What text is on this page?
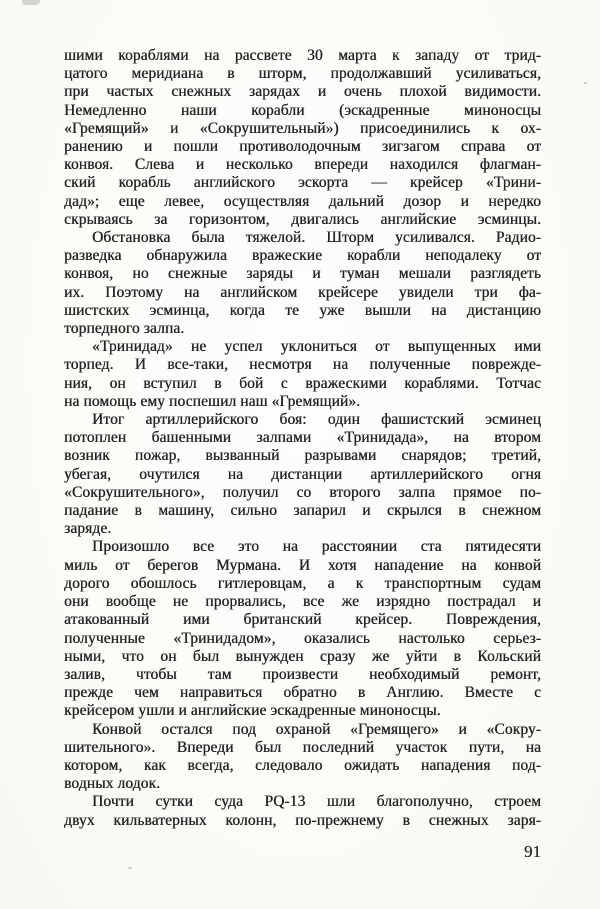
шими кораблями на рассвете 30 марта к западу от трид-
цатого меридиана в шторм, продолжавший усиливаться,
при частых снежных зарядах и очень плохой видимости.
Немедленно наши корабли (эскадренные миноносцы
«Гремящий» и «Сокрушительный») присоединились к ох-
ранению и пошли противолодочным зигзагом справа от
конвоя. Слева и несколько впереди находился флагман-
ский корабль английского эскорта — крейсер «Трини-
дад»; еще левее, осуществляя дальний дозор и нередко
скрываясь за горизонтом, двигались английские эсминцы.
Обстановка была тяжелой. Шторм усиливался. Радио-
разведка обнаружила вражеские корабли неподалеку от
конвоя, но снежные заряды и туман мешали разглядеть
их. Поэтому на английском крейсере увидели три фа-
шистских эсминца, когда те уже вышли на дистанцию
торпедного залпа.
«Тринидад» не успел уклониться от выпущенных ими
торпед. И все-таки, несмотря на полученные поврежде-
ния, он вступил в бой с вражескими кораблями. Тотчас
на помощь ему поспешил наш «Гремящий».
Итог артиллерийского боя: один фашистский эсминец
потоплен башенными залпами «Тринидада», на втором
возник пожар, вызванный разрывами снарядов; третий,
убегая, очутился на дистанции артиллерийского огня
«Сокрушительного», получил со второго залпа прямое по-
падание в машину, сильно запарил и скрылся в снежном
заряде.
Произошло все это на расстоянии ста пятидесяти
миль от берегов Мурмана. И хотя нападение на конвой
дорого обошлось гитлеровцам, а к транспортным судам
они вообще не прорвались, все же изрядно пострадал и
атакованный ими британский крейсер. Повреждения,
полученные «Тринидадом», оказались настолько серьез-
ными, что он был вынужден сразу же уйти в Кольский
залив, чтобы там произвести необходимый ремонт,
прежде чем направиться обратно в Англию. Вместе с
крейсером ушли и английские эскадренные миноносцы.
Конвой остался под охраной «Гремящего» и «Сокру-
шительного». Впереди был последний участок пути, на
котором, как всегда, следовало ожидать нападения под-
водных лодок.
Почти сутки суда PQ-13 шли благополучно, строем
двух кильватерных колонн, по-прежнему в снежных заря-
91
